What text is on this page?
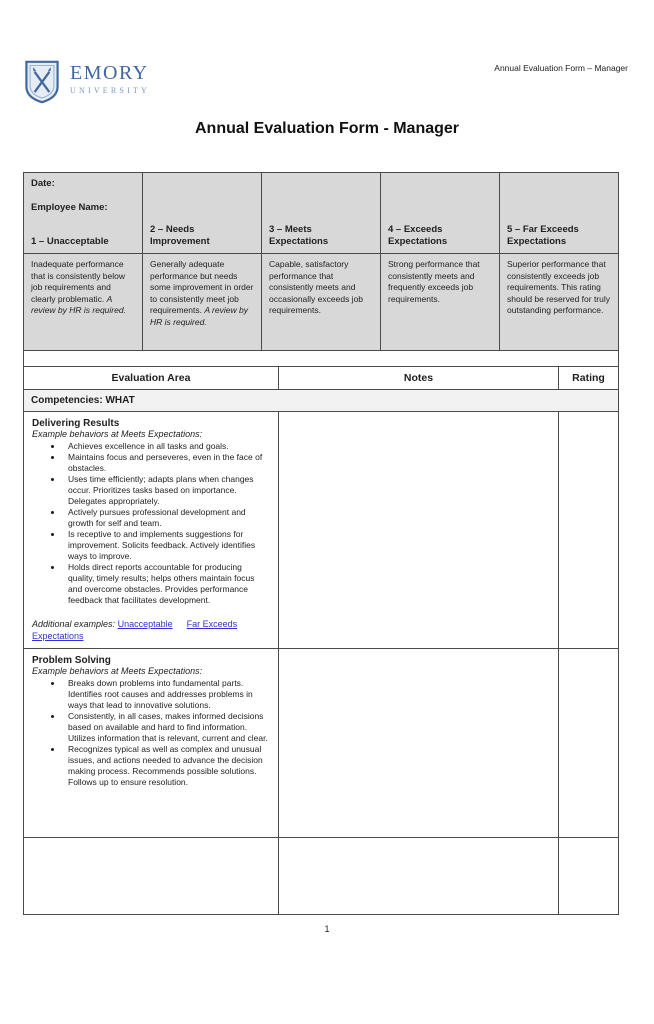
EMORY
UNIVERSITY
Annual Evaluation Form – Manager
Annual Evaluation Form - Manager
Date:
Employee Name:
1 – Unacceptable	2 – Needs Improvement	3 – Meets Expectations	4 – Exceeds Expectations	5 – Far Exceeds Expectations

Inadequate performance that is consistently below job requirements and clearly problematic. A review by HR is required.	Generally adequate performance but needs some improvement in order to consistently meet job requirements. A review by HR is required.	Capable, satisfactory performance that consistently meets and occasionally exceeds job requirements.	Strong performance that consistently meets and frequently exceeds job requirements.	Superior performance that consistently exceeds job requirements. This rating should be reserved for truly outstanding performance.

Evaluation Area	Notes	Rating
Competencies: WHAT		

Delivering Results
Example behaviors at Meets Expectations:
• Achieves excellence in all tasks and goals.
• Maintains focus and perseveres, even in the face of obstacles.
• Uses time efficiently; adapts plans when changes occur. Prioritizes tasks based on importance. Delegates appropriately.
• Actively pursues professional development and growth for self and team.
• Is receptive to and implements suggestions for improvement. Solicits feedback. Actively identifies ways to improve.
• Holds direct reports accountable for producing quality, timely results; helps others maintain focus and overcome obstacles. Provides performance feedback that facilitates development.
Additional examples: Unacceptable Far Exceeds Expectations

Problem Solving
Example behaviors at Meets Expectations:
• Breaks down problems into fundamental parts. Identifies root causes and addresses problems in ways that lead to innovative solutions.
• Consistently, in all cases, makes informed decisions based on available and hard to find information. Utilizes information that is relevant, current and clear.
• Recognizes typical as well as complex and unusual issues, and actions needed to advance the decision making process. Recommends possible solutions. Follows up to ensure resolution.

1
